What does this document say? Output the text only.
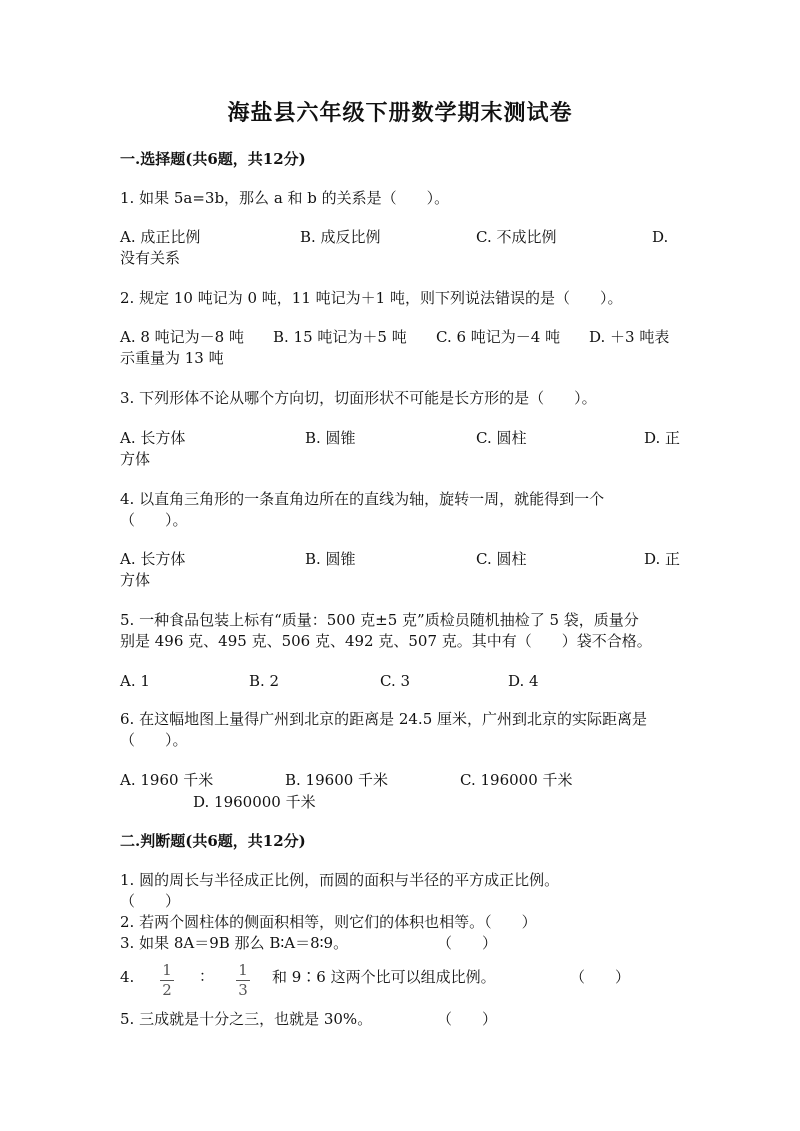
海盐县六年级下册数学期末测试卷
一.选择题(共6题，共12分)
1. 如果 5a=3b，那么 a 和 b 的关系是（　　）。
A. 成正比例	B. 成反比例	C. 不成比例	D.
没有关系
2. 规定 10 吨记为 0 吨，11 吨记为＋1 吨，则下列说法错误的是（　　）。
A. 8 吨记为－8 吨 B. 15 吨记为＋5 吨 C. 6 吨记为－4 吨 D. ＋3 吨表
示重量为 13 吨
3. 下列形体不论从哪个方向切，切面形状不可能是长方形的是（　　）。
A. 长方体	B. 圆锥	C. 圆柱	D. 正
方体
4. 以直角三角形的一条直角边所在的直线为轴，旋转一周，就能得到一个
（　　）。
A. 长方体	B. 圆锥	C. 圆柱	D. 正
方体
5. 一种食品包装上标有“质量：500 克±5 克”质检员随机抽检了 5 袋，质量分
别是 496 克、495 克、506 克、492 克、507 克。其中有（　　）袋不合格。
A. 1	B. 2	C. 3	D. 4
6. 在这幅地图上量得广州到北京的距离是 24.5 厘米，广州到北京的实际距离是
（　　）。
A. 1960 千米	B. 19600 千米	C. 196000 千米
D. 1960000 千米
二.判断题(共6题，共12分)
1. 圆的周长与半径成正比例，而圆的面积与半径的平方成正比例。
（　　）
2. 若两个圆柱体的侧面积相等，则它们的体积也相等。（　　）
3. 如果 8A＝9B 那么 B∶A＝8∶9。	（　　）
4. 1
2
： 1
3
和 9∶6 这两个比可以组成比例。	（　　）
5. 三成就是十分之三，也就是 30%。	（　　）
